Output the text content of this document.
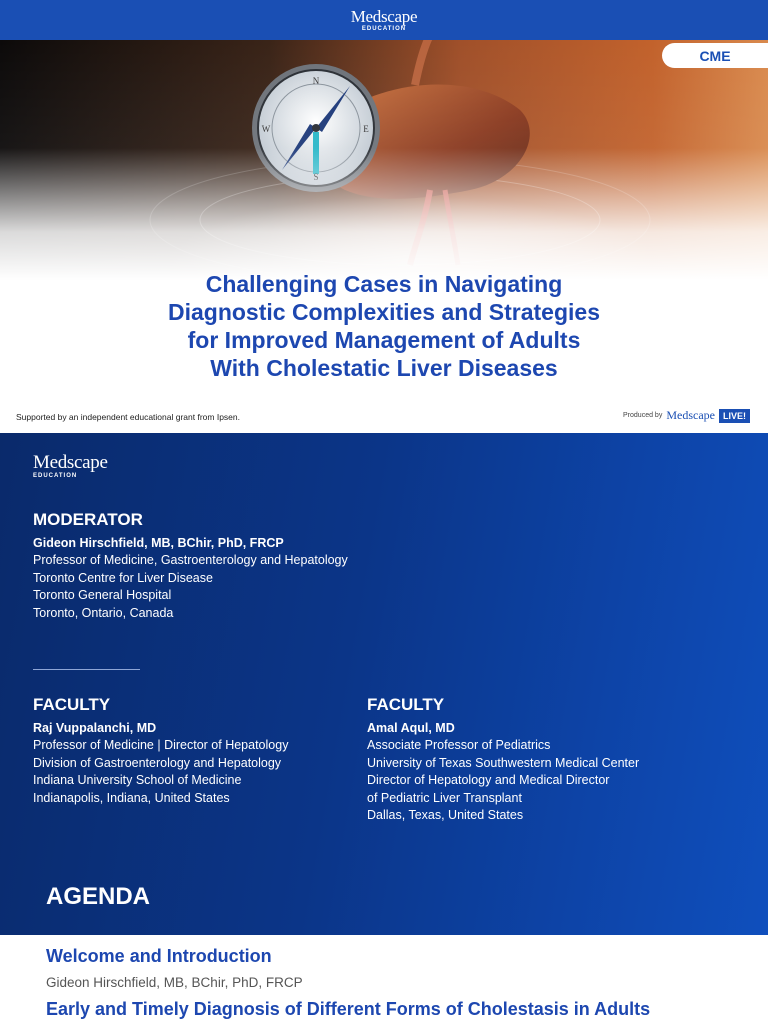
Medscape
EDUCATION
CME
Challenging Cases in Navigating
Diagnostic Complexities and Strategies
for Improved Management of Adults
With Cholestatic Liver Diseases
Supported by an independent educational grant from Ipsen.	Produced by Medscape LIVE!
Medscape
EDUCATION
MODERATOR
Gideon Hirschfield, MB, BChir, PhD, FRCP
Professor of Medicine, Gastroenterology and Hepatology
Toronto Centre for Liver Disease
Toronto General Hospital
Toronto, Ontario, Canada
FACULTY
Raj Vuppalanchi, MD
Professor of Medicine | Director of Hepatology
Division of Gastroenterology and Hepatology
Indiana University School of Medicine
Indianapolis, Indiana, United States
FACULTY
Amal Aqul, MD
Associate Professor of Pediatrics
University of Texas Southwestern Medical Center
Director of Hepatology and Medical Director
of Pediatric Liver Transplant
Dallas, Texas, United States
AGENDA
Welcome and Introduction
Gideon Hirschfield, MB, BChir, PhD, FRCP
Early and Timely Diagnosis of Different Forms of Cholestasis in Adults
